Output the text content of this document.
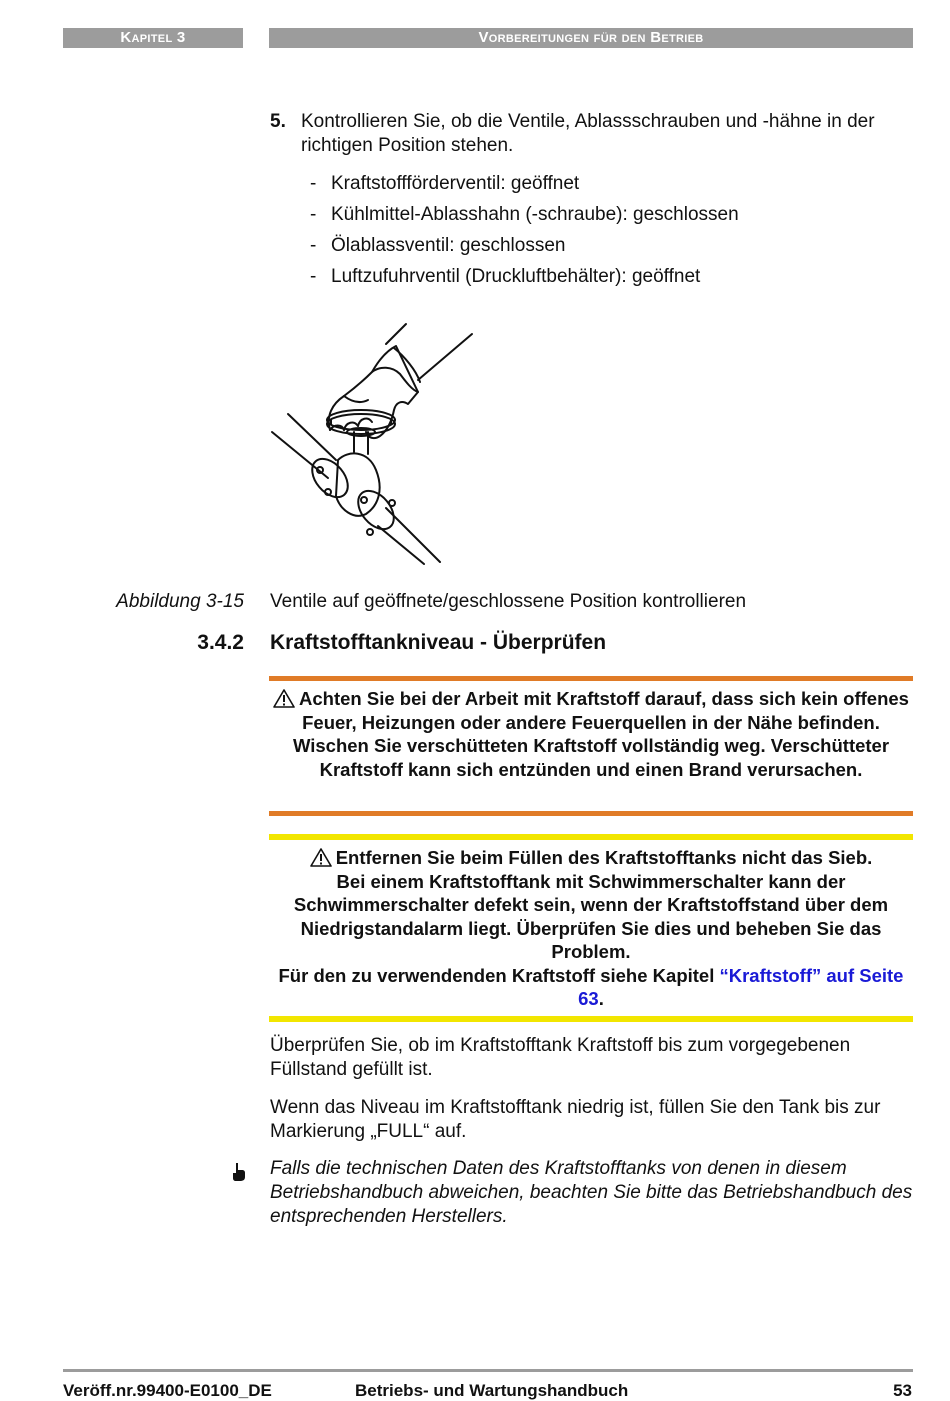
Kapitel 3	Vorbereitungen für den Betrieb
5. Kontrollieren Sie, ob die Ventile, Ablassschrauben und -hähne in der richtigen Position stehen.
- Kraftstoffförderventil: geöffnet
- Kühlmittel-Ablasshahn (-schraube): geschlossen
- Ölablassventil: geschlossen
- Luftzufuhrventil (Druckluftbehälter): geöffnet
Abbildung 3-15 Ventile auf geöffnete/geschlossene Position kontrollieren
3.4.2 Kraftstofftankniveau - Überprüfen

Achten Sie bei der Arbeit mit Kraftstoff darauf, dass sich kein offenes Feuer, Heizungen oder andere Feuerquellen in der Nähe befinden.

Wischen Sie verschütteten Kraftstoff vollständig weg. Verschütteter Kraftstoff kann sich entzünden und einen Brand verursachen.

Entfernen Sie beim Füllen des Kraftstofftanks nicht das Sieb.

Bei einem Kraftstofftank mit Schwimmerschalter kann der Schwimmerschalter defekt sein, wenn der Kraftstoffstand über dem Niedrigstandalarm liegt. Überprüfen Sie dies und beheben Sie das Problem.

Für den zu verwendenden Kraftstoff siehe Kapitel “Kraftstoff” auf Seite 63.

Überprüfen Sie, ob im Kraftstofftank Kraftstoff bis zum vorgegebenen Füllstand gefüllt ist.
Wenn das Niveau im Kraftstofftank niedrig ist, füllen Sie den Tank bis zur Markierung „FULL“ auf.
Falls die technischen Daten des Kraftstofftanks von denen in diesem Betriebshandbuch abweichen, beachten Sie bitte das Betriebshandbuch des entsprechenden Herstellers.
Veröff.nr.99400-E0100_DE	Betriebs- und Wartungshandbuch	53
